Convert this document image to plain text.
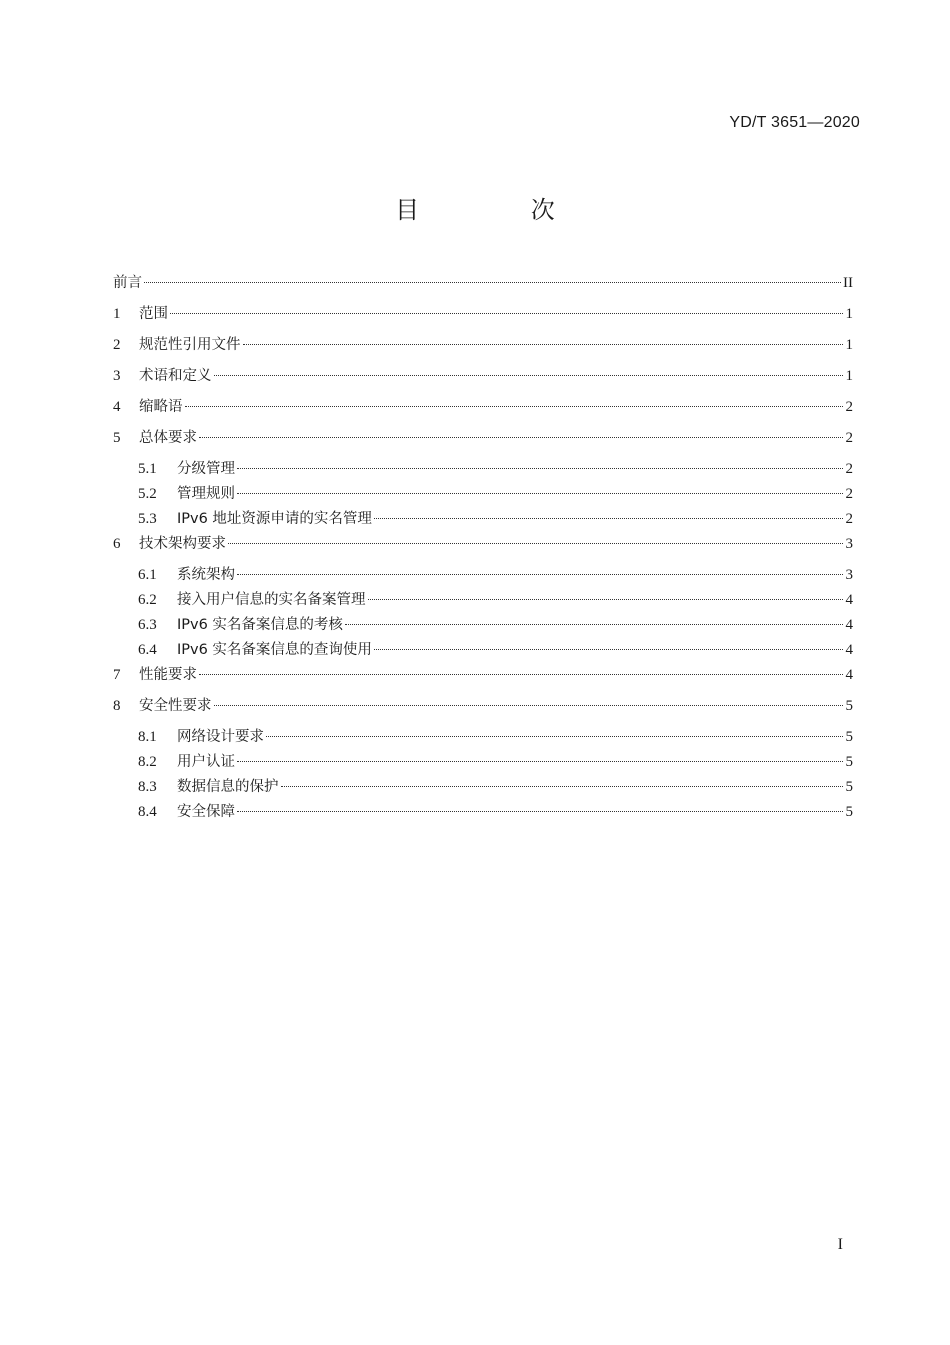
YD/T 3651—2020
目 次
前言	II
1	范围	1
2	规范性引用文件	1
3	术语和定义	1
4	缩略语	2
5	总体要求	2
5.1	分级管理	2
5.2	管理规则	2
5.3	IPv6 地址资源申请的实名管理	2
6	技术架构要求	3
6.1	系统架构	3
6.2	接入用户信息的实名备案管理	4
6.3	IPv6 实名备案信息的考核	4
6.4	IPv6 实名备案信息的查询使用	4
7	性能要求	4
8	安全性要求	5
8.1	网络设计要求	5
8.2	用户认证	5
8.3	数据信息的保护	5
8.4	安全保障	5
I
